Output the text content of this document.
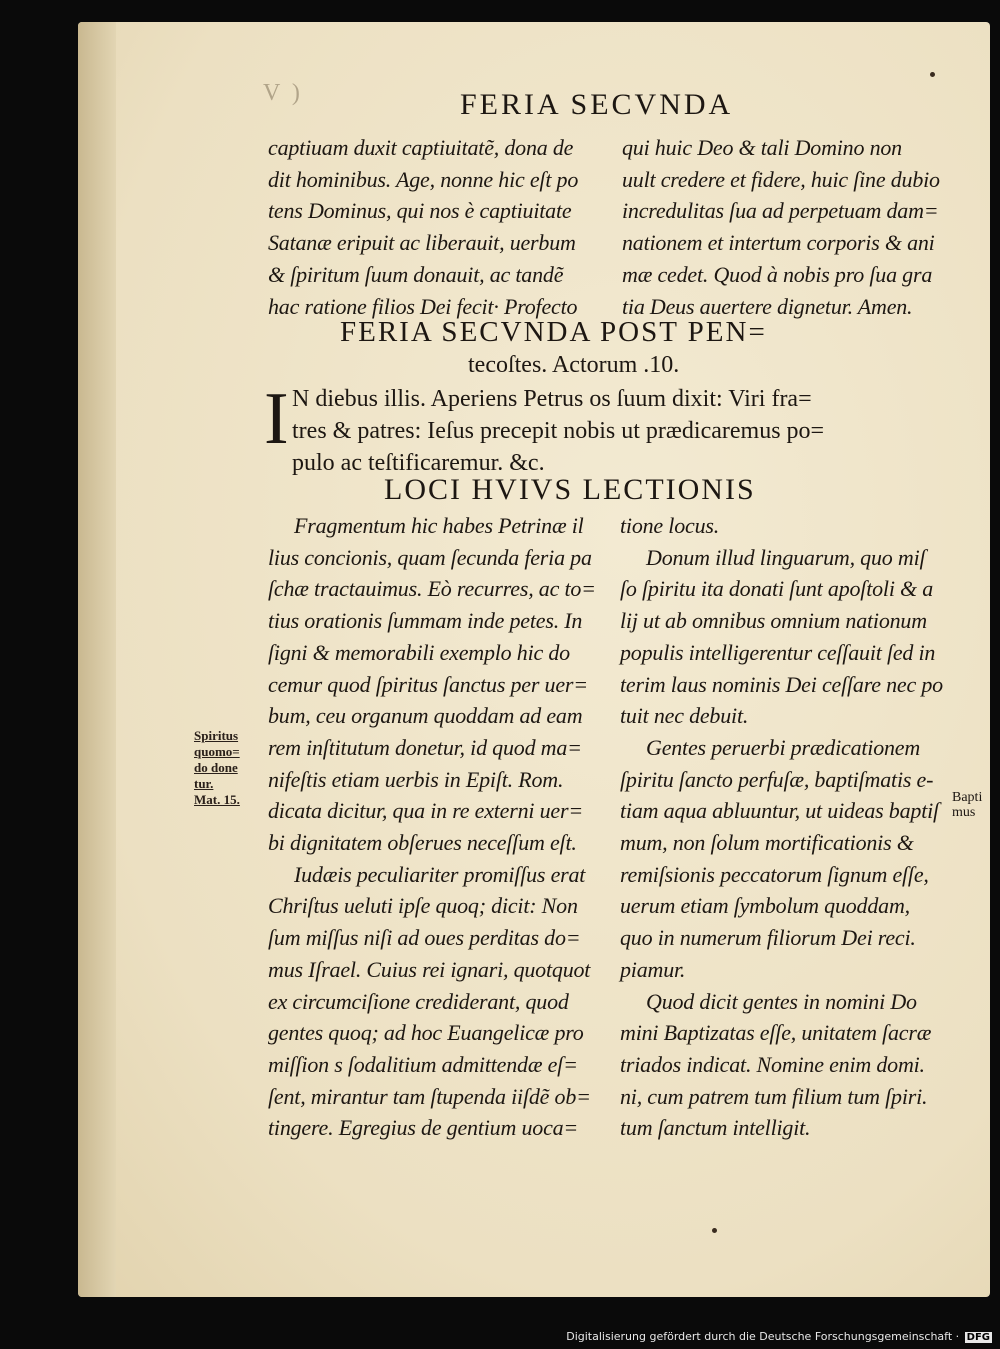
V )	FERIA SECVNDA
captiuam duxit captiuitatẽ, dona de
dit hominibus. Age, nonne hic eſt po
tens Dominus, qui nos è captiuitate
Satanæ eripuit ac liberauit, uerbum
& ſpiritum ſuum donauit, ac tandẽ
hac ratione filios Dei fecit· Profecto
qui huic Deo & tali Domino non
uult credere et fidere, huic ſine dubio
incredulitas ſua ad perpetuam dam=
nationem et intertum corporis & ani
mæ cedet. Quod à nobis pro ſua gra
tia Deus auertere dignetur. Amen.
FERIA SECVNDA POST PEN=
tecoſtes. Actorum .10.
I N diebus illis. Aperiens Petrus os ſuum dixit: Viri fra=
tres & patres: Ieſus precepit nobis ut prædicaremus po=
pulo ac teſtificaremur. &c.
LOCI HVIVS LECTIONIS
Fragmentum hic habes Petrinæ il
lius concionis, quam ſecunda feria pa
ſchæ tractauimus. Eò recurres, ac to=
tius orationis ſummam inde petes. In
ſigni & memorabili exemplo hic do
cemur quod ſpiritus ſanctus per uer=
bum, ceu organum quoddam ad eam
rem inſtitutum donetur, id quod ma=
nifeſtis etiam uerbis in Epiſt. Rom.
dicata dicitur, qua in re externi uer=
bi dignitatem obſerues neceſſum eſt.
Iudæis peculiariter promiſſus erat
Chriſtus ueluti ipſe quoq; dicit: Non
ſum miſſus niſi ad oues perditas do=
mus Iſrael. Cuius rei ignari, quotquot
ex circumciſione crediderant, quod
gentes quoq; ad hoc Euangelicæ pro
miſſion s ſodalitium admittendæ eſ=
ſent, mirantur tam ſtupenda iiſdẽ ob=
tingere. Egregius de gentium uoca=
tione locus.
Donum illud linguarum, quo miſ
ſo ſpiritu ita donati ſunt apoſtoli & a
lij ut ab omnibus omnium nationum
populis intelligerentur ceſſauit ſed in
terim laus nominis Dei ceſſare nec po
tuit nec debuit.
Gentes peruerbi prædicationem
ſpiritu ſancto perfuſæ, baptiſmatis e-
tiam aqua abluuntur, ut uideas baptiſ
mum, non ſolum mortificationis &
remiſsionis peccatorum ſignum eſſe,
uerum etiam ſymbolum quoddam,
quo in numerum filiorum Dei reci.
piamur.
Quod dicit gentes in nomini Do
mini Baptizatas eſſe, unitatem ſacræ
triados indicat. Nomine enim domi.
ni, cum patrem tum filium tum ſpiri.
tum ſanctum intelligit.
Spiritus
quomo=
do done
tur.
Mat. 15.	Bapti
mus
Digitalisierung gefördert durch die Deutsche Forschungsgemeinschaft · DFG
